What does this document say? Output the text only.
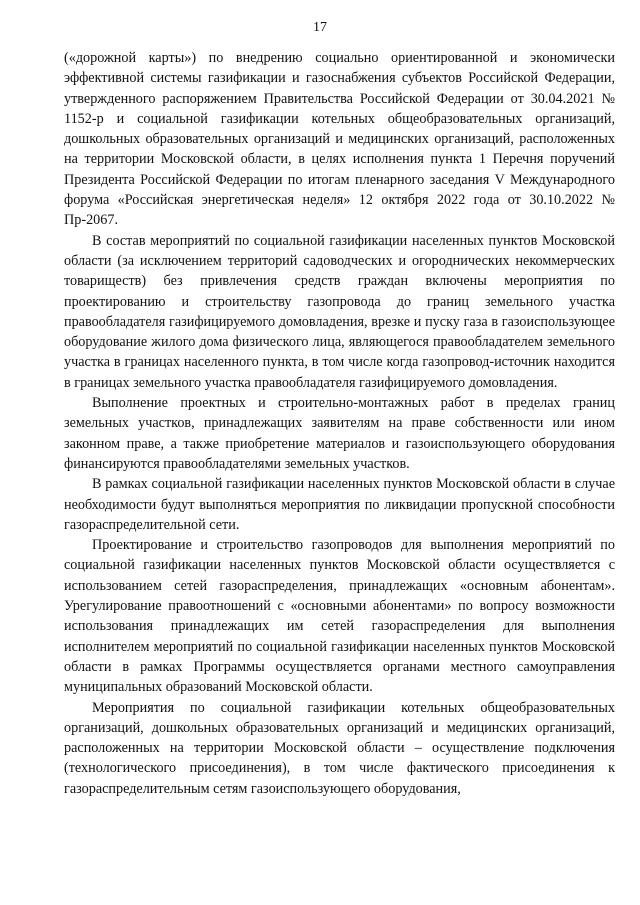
17

(«дорожной карты») по внедрению социально ориентированной и экономически эффективной системы газификации и газоснабжения субъектов Российской Федерации, утвержденного распоряжением Правительства Российской Федерации от 30.04.2021 № 1152-р и социальной газификации котельных общеобразовательных организаций, дошкольных образовательных организаций и медицинских организаций, расположенных на территории Московской области, в целях исполнения пункта 1 Перечня поручений Президента Российской Федерации по итогам пленарного заседания V Международного форума «Российская энергетическая неделя» 12 октября 2022 года от 30.10.2022 № Пр-2067.

В состав мероприятий по социальной газификации населенных пунктов Московской области (за исключением территорий садоводческих и огороднических некоммерческих товариществ) без привлечения средств граждан включены мероприятия по проектированию и строительству газопровода до границ земельного участка правообладателя газифицируемого домовладения, врезке и пуску газа в газоиспользующее оборудование жилого дома физического лица, являющегося правообладателем земельного участка в границах населенного пункта, в том числе когда газопровод-источник находится в границах земельного участка правообладателя газифицируемого домовладения.

Выполнение проектных и строительно-монтажных работ в пределах границ земельных участков, принадлежащих заявителям на праве собственности или ином законном праве, а также приобретение материалов и газоиспользующего оборудования финансируются правообладателями земельных участков.

В рамках социальной газификации населенных пунктов Московской области в случае необходимости будут выполняться мероприятия по ликвидации пропускной способности газораспределительной сети.

Проектирование и строительство газопроводов для выполнения мероприятий по социальной газификации населенных пунктов Московской области осуществляется с использованием сетей газораспределения, принадлежащих «основным абонентам». Урегулирование правоотношений с «основными абонентами» по вопросу возможности использования принадлежащих им сетей газораспределения для выполнения исполнителем мероприятий по социальной газификации населенных пунктов Московской области в рамках Программы осуществляется органами местного самоуправления муниципальных образований Московской области.

Мероприятия по социальной газификации котельных общеобразовательных организаций, дошкольных образовательных организаций и медицинских организаций, расположенных на территории Московской области – осуществление подключения (технологического присоединения), в том числе фактического присоединения к газораспределительным сетям газоиспользующего оборудования,
